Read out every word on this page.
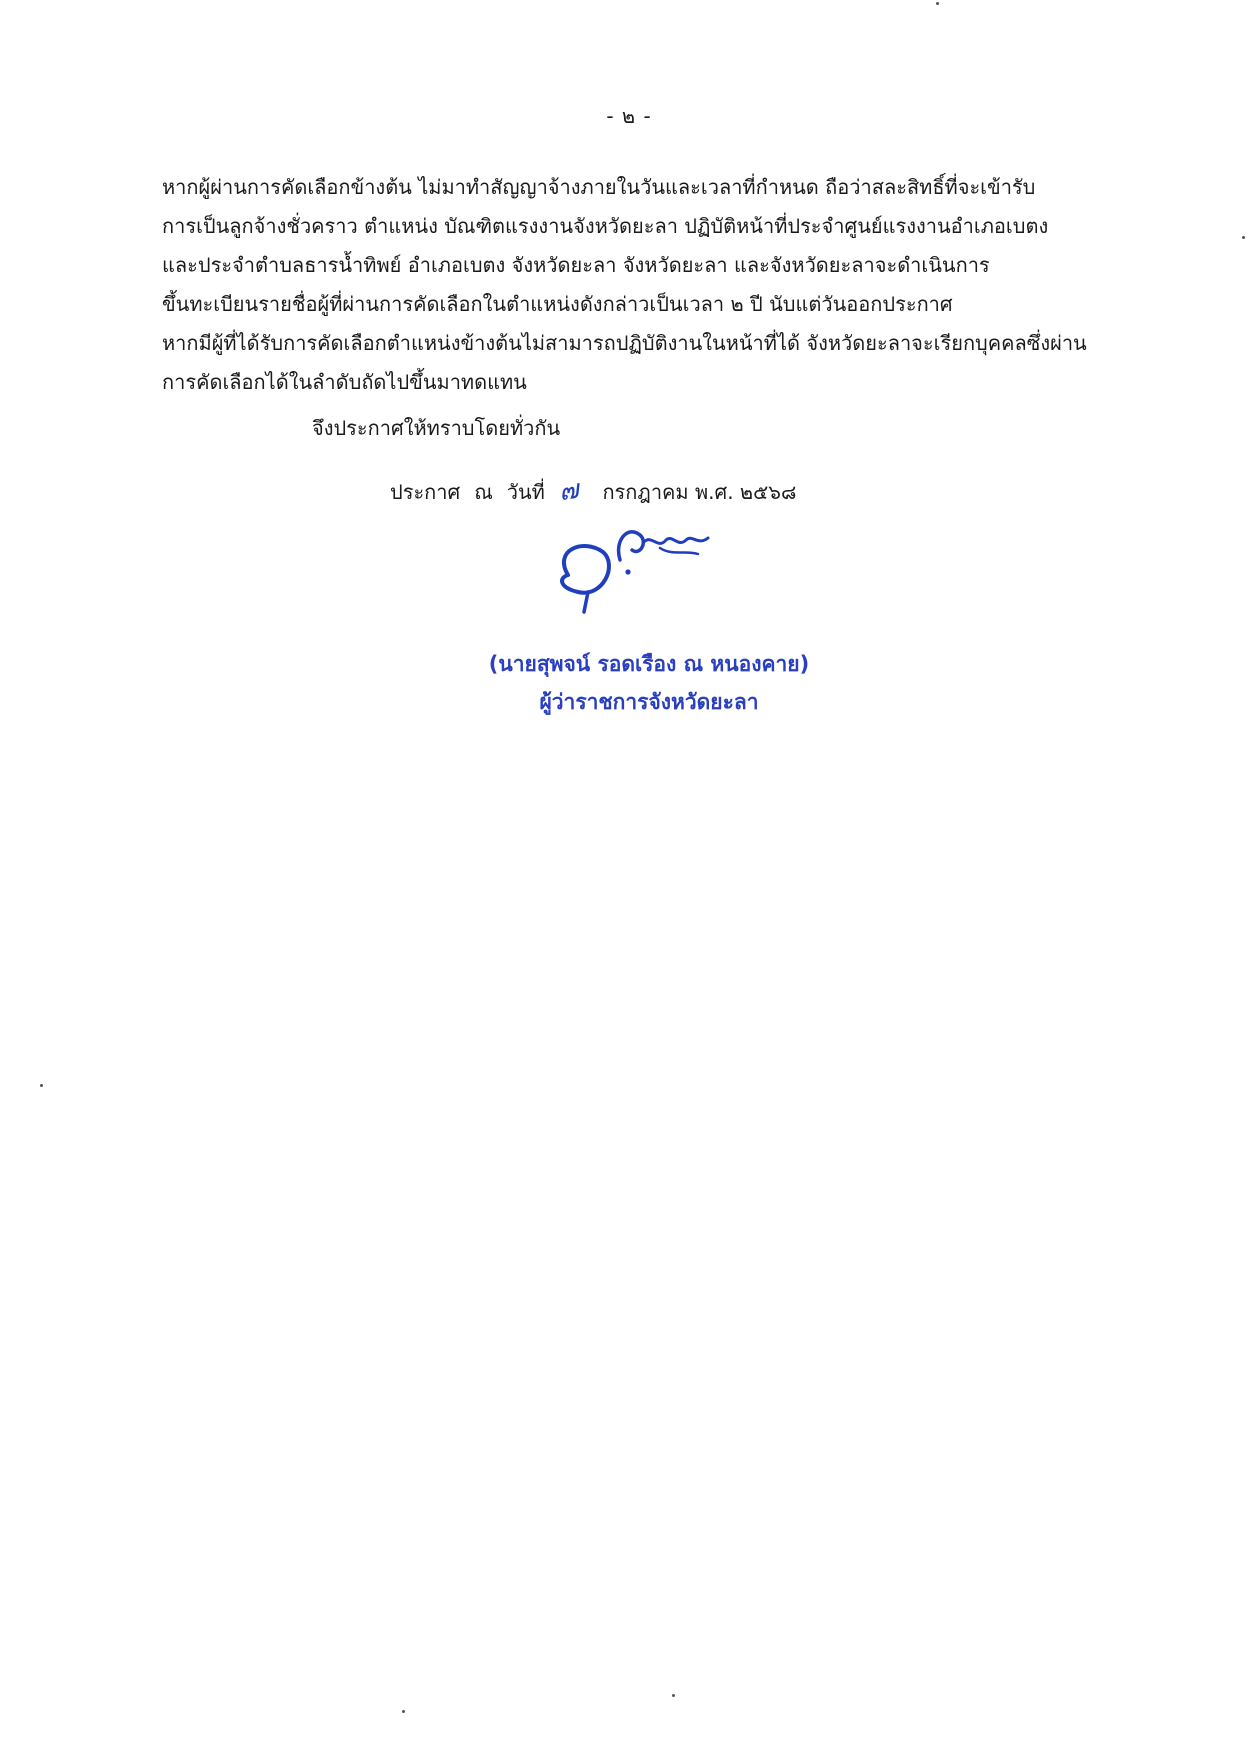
- ๒ -
หากผู้ผ่านการคัดเลือกข้างต้น ไม่มาทำสัญญาจ้างภายในวันและเวลาที่กำหนด ถือว่าสละสิทธิ์ที่จะเข้ารับ
การเป็นลูกจ้างชั่วคราว ตำแหน่ง บัณฑิตแรงงานจังหวัดยะลา ปฏิบัติหน้าที่ประจำศูนย์แรงงานอำเภอเบตง
และประจำตำบลธารน้ำทิพย์ อำเภอเบตง จังหวัดยะลา จังหวัดยะลา และจังหวัดยะลาจะดำเนินการ
ขึ้นทะเบียนรายชื่อผู้ที่ผ่านการคัดเลือกในตำแหน่งดังกล่าวเป็นเวลา ๒ ปี นับแต่วันออกประกาศ
หากมีผู้ที่ได้รับการคัดเลือกตำแหน่งข้างต้นไม่สามารถปฏิบัติงานในหน้าที่ได้ จังหวัดยะลาจะเรียกบุคคลซึ่งผ่าน
การคัดเลือกได้ในลำดับถัดไปขึ้นมาทดแทน
จึงประกาศให้ทราบโดยทั่วกัน
ประกาศ ณ วันที่ ๗ กรกฎาคม พ.ศ. ๒๕๖๘
(นายสุพจน์ รอดเรือง ณ หนองคาย)
ผู้ว่าราชการจังหวัดยะลา
